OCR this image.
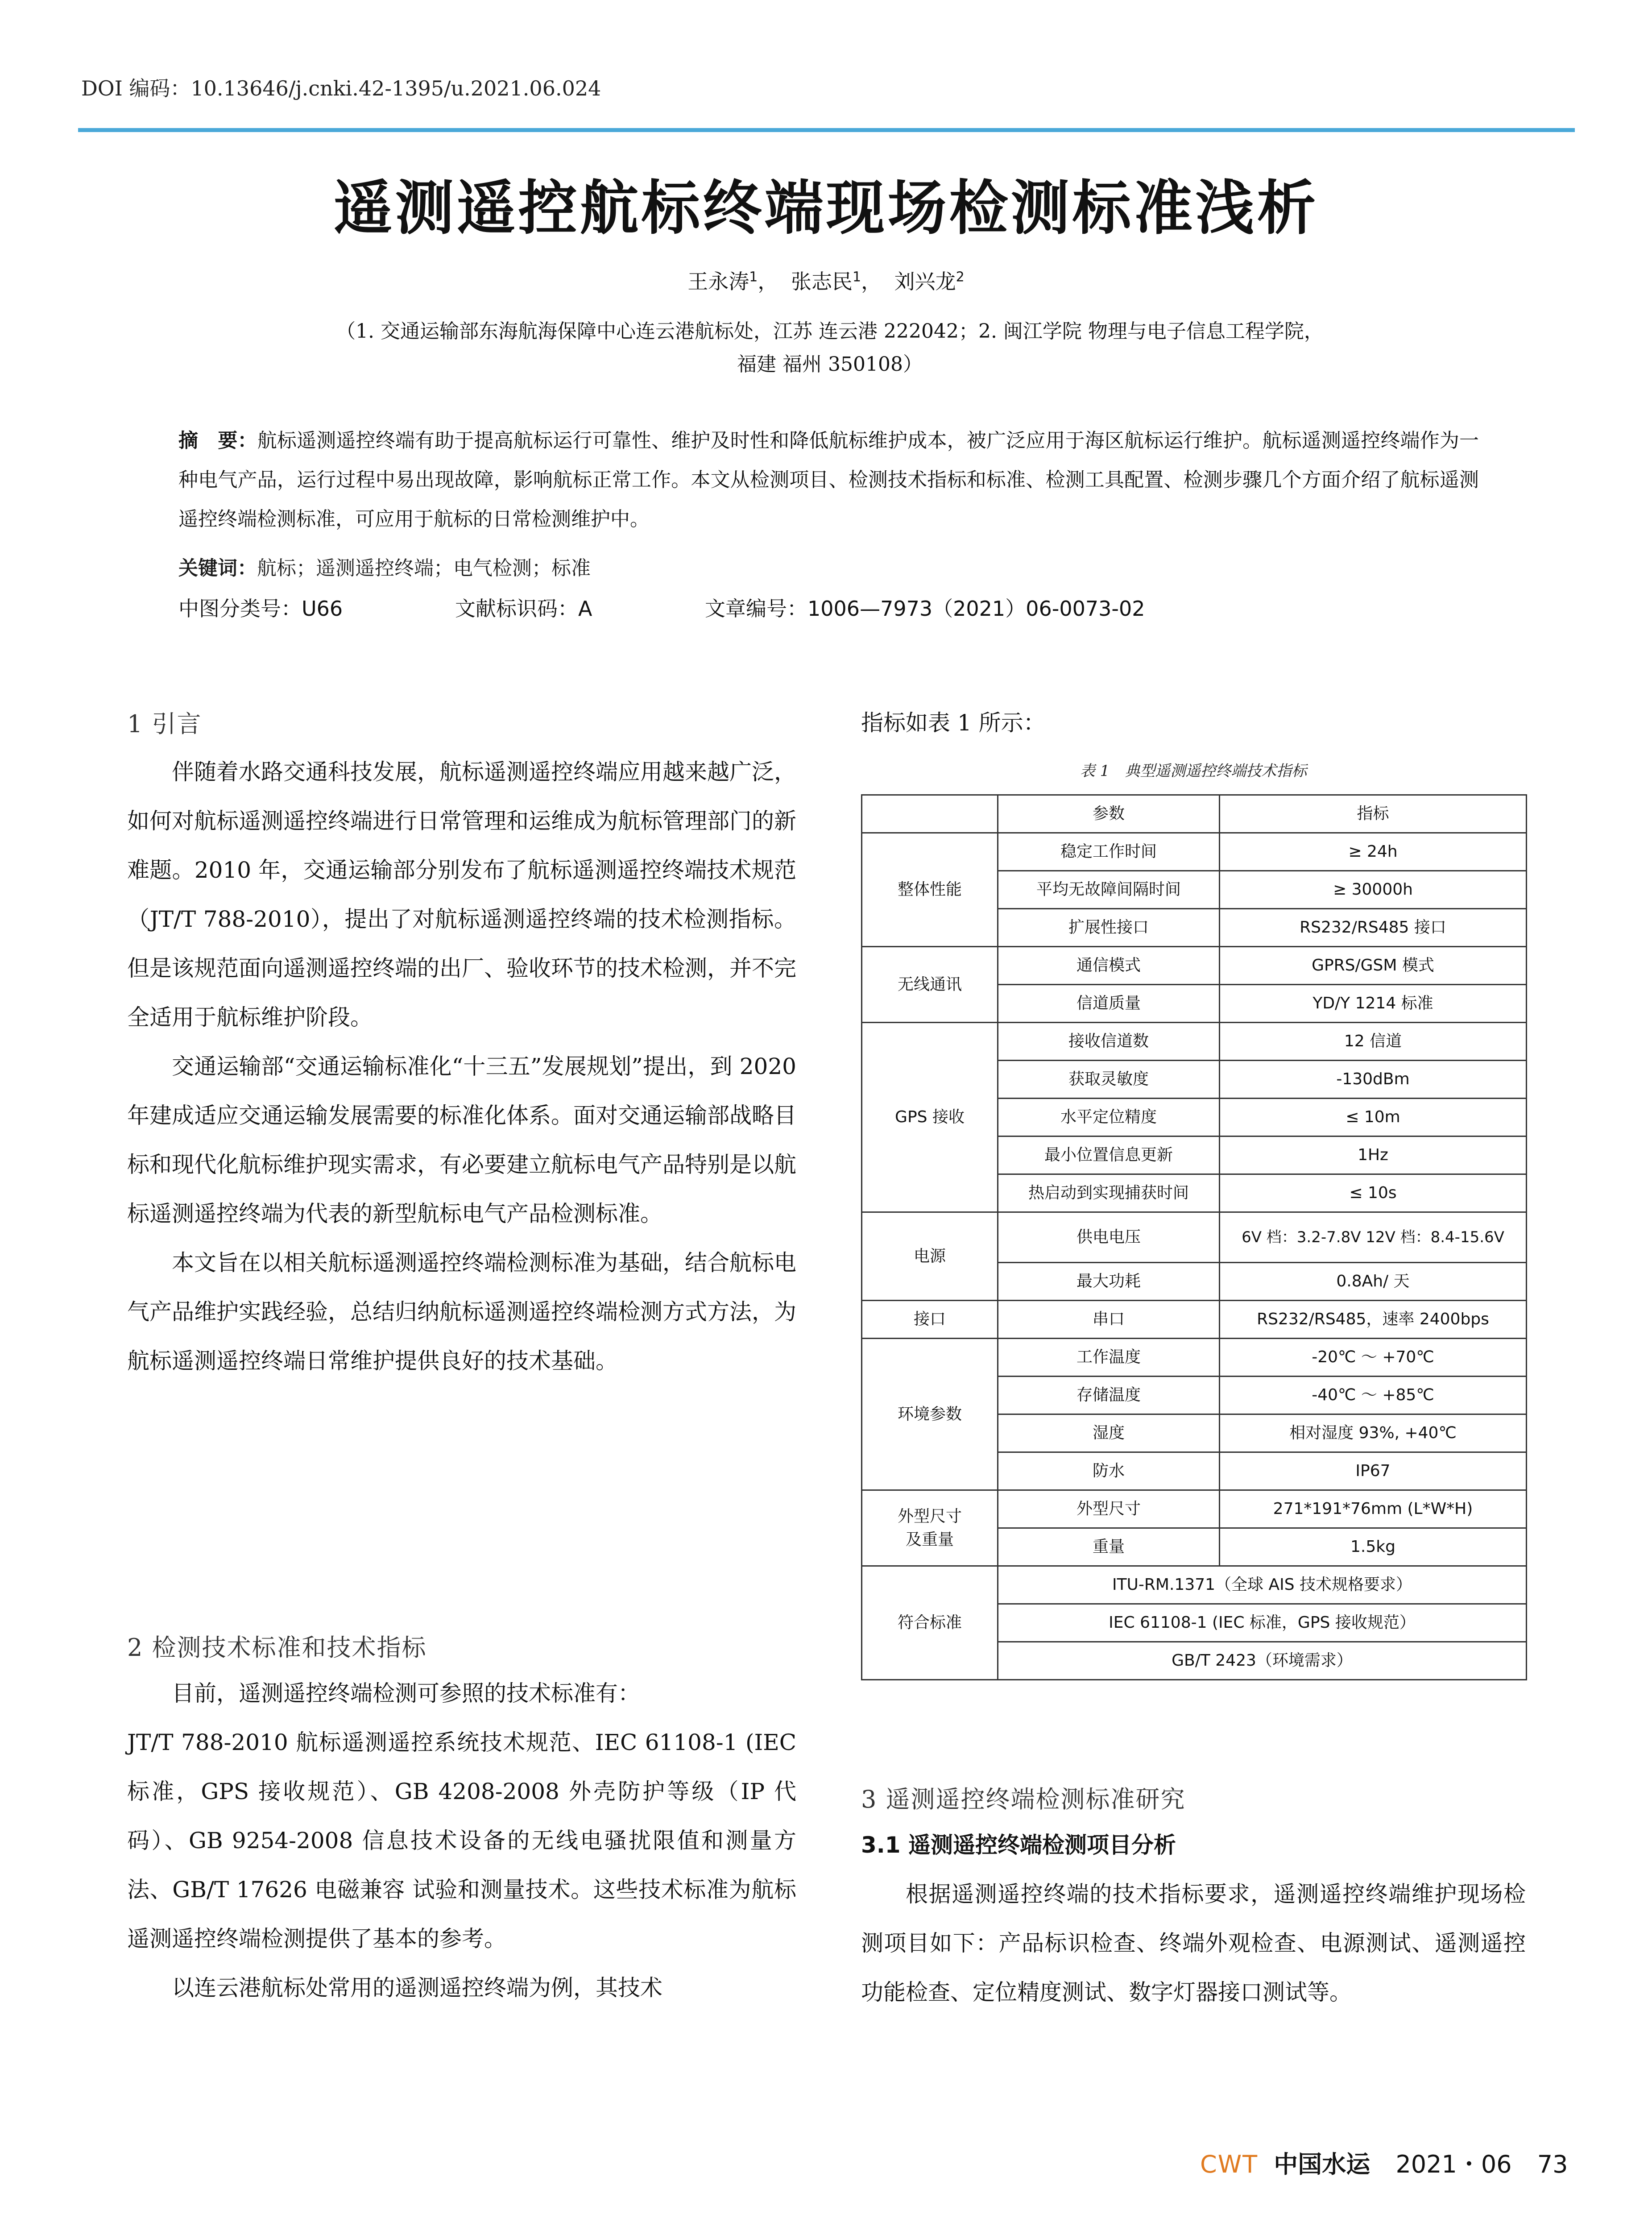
DOI 编码：10.13646/j.cnki.42-1395/u.2021.06.024
遥测遥控航标终端现场检测标准浅析
王永涛$^1$， 张志民$^1$， 刘兴龙$^2$
（1. 交通运输部东海航海保障中心连云港航标处，江苏 连云港 222042；2. 闽江学院 物理与电子信息工程学院，
福建 福州 350108）
摘　要：航标遥测遥控终端有助于提高航标运行可靠性、维护及时性和降低航标维护成本，被广泛应用于海区航标运行维护。航标遥测遥控终端作为一种电气产品，运行过程中易出现故障，影响航标正常工作。本文从检测项目、检测技术指标和标准、检测工具配置、检测步骤几个方面介绍了航标遥测遥控终端检测标准，可应用于航标的日常检测维护中。
关键词：航标；遥测遥控终端；电气检测；标准
中图分类号：U66	文献标识码：A	文章编号：1006—7973（2021）06-0073-02
1 引言

伴随着水路交通科技发展，航标遥测遥控终端应用越来越广泛，如何对航标遥测遥控终端进行日常管理和运维成为航标管理部门的新难题。2010 年，交通运输部分别发布了航标遥测遥控终端技术规范（JT/T 788-2010），提出了对航标遥测遥控终端的技术检测指标。但是该规范面向遥测遥控终端的出厂、验收环节的技术检测，并不完全适用于航标维护阶段。

交通运输部“交通运输标准化“十三五”发展规划”提出，到 2020 年建成适应交通运输发展需要的标准化体系。面对交通运输部战略目标和现代化航标维护现实需求，有必要建立航标电气产品特别是以航标遥测遥控终端为代表的新型航标电气产品检测标准。

本文旨在以相关航标遥测遥控终端检测标准为基础，结合航标电气产品维护实践经验，总结归纳航标遥测遥控终端检测方式方法，为航标遥测遥控终端日常维护提供良好的技术基础。

2 检测技术标准和技术指标

目前，遥测遥控终端检测可参照的技术标准有：

JT/T 788-2010 航标遥测遥控系统技术规范、IEC 61108-1 (IEC 标准，GPS 接收规范）、GB 4208-2008 外壳防护等级（IP 代码）、GB 9254-2008 信息技术设备的无线电骚扰限值和测量方法、GB/T 17626 电磁兼容 试验和测量技术。这些技术标准为航标遥测遥控终端检测提供了基本的参考。

以连云港航标处常用的遥测遥控终端为例，其技术

指标如表 1 所示：
表 1　典型遥测遥控终端技术指标
	参数	指标
整体性能	稳定工作时间	≥ 24h
	平均无故障间隔时间	≥ 30000h
	扩展性接口	RS232/RS485 接口
无线通讯	通信模式	GPRS/GSM 模式
	信道质量	YD/Y 1214 标准
GPS 接收	接收信道数	12 信道
	获取灵敏度	-130dBm
	水平定位精度	≤ 10m
	最小位置信息更新	1Hz
	热启动到实现捕获时间	≤ 10s
电源	供电电压	6V 档：3.2-7.8V 12V 档：8.4-15.6V
	最大功耗	0.8Ah/ 天
接口	串口	RS232/RS485，速率 2400bps
环境参数	工作温度	-20℃ ～ +70℃
	存储温度	-40℃ ～ +85℃
	湿度	相对湿度 93%, +40℃
	防水	IP67

外型尺寸
及重量	外型尺寸	271*191*76mm (L*W*H)
	重量	1.5kg
符合标准	ITU-RM.1371（全球 AIS 技术规格要求）	
	IEC 61108-1 (IEC 标准，GPS 接收规范）	
	GB/T 2423（环境需求）	
3 遥测遥控终端检测标准研究
3.1 遥测遥控终端检测项目分析

根据遥测遥控终端的技术指标要求，遥测遥控终端维护现场检测项目如下：产品标识检查、终端外观检查、电源测试、遥测遥控功能检查、定位精度测试、数字灯器接口测试等。

CWT 中国水运 2021・06 73
